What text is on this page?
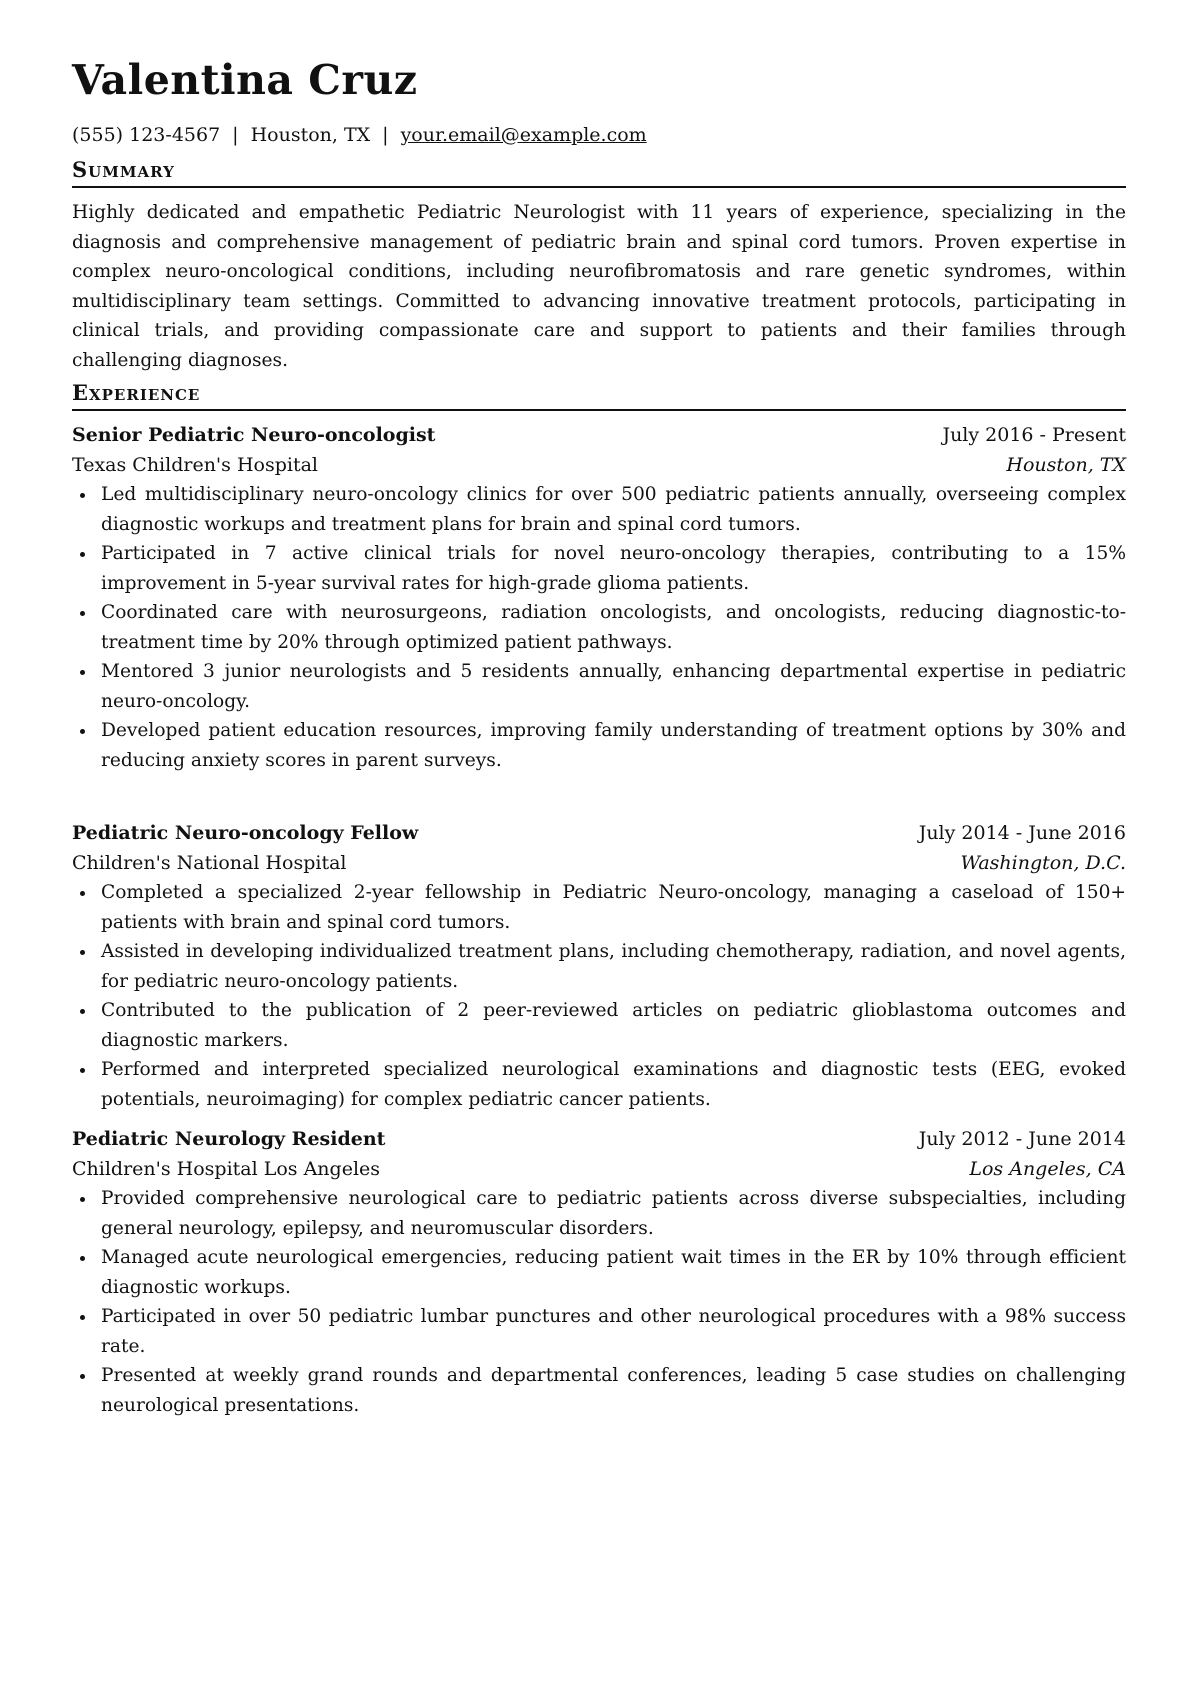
Valentina Cruz
(555) 123-4567 | Houston, TX | your.email@example.com
Summary

Highly dedicated and empathetic Pediatric Neurologist with 11 years of experience, specializing in the diagnosis and comprehensive management of pediatric brain and spinal cord tumors. Proven expertise in complex neuro-oncological conditions, including neurofibromatosis and rare genetic syndromes, within multidisciplinary team settings. Committed to advancing innovative treatment protocols, participating in clinical trials, and providing compassionate care and support to patients and their families through challenging diagnoses.

Experience
Senior Pediatric Neuro-oncologist	July 2016 - Present
Texas Children's Hospital	Houston, TX
Led multidisciplinary neuro-oncology clinics for over 500 pediatric patients annually, overseeing complex diagnostic workups and treatment plans for brain and spinal cord tumors.
Participated in 7 active clinical trials for novel neuro-oncology therapies, contributing to a 15% improvement in 5-year survival rates for high-grade glioma patients.
Coordinated care with neurosurgeons, radiation oncologists, and oncologists, reducing diagnostic-to-treatment time by 20% through optimized patient pathways.
Mentored 3 junior neurologists and 5 residents annually, enhancing departmental expertise in pediatric neuro-oncology.
Developed patient education resources, improving family understanding of treatment options by 30% and reducing anxiety scores in parent surveys.
Pediatric Neuro-oncology Fellow	July 2014 - June 2016
Children's National Hospital	Washington, D.C.
Completed a specialized 2-year fellowship in Pediatric Neuro-oncology, managing a caseload of 150+ patients with brain and spinal cord tumors.
Assisted in developing individualized treatment plans, including chemotherapy, radiation, and novel agents, for pediatric neuro-oncology patients.
Contributed to the publication of 2 peer-reviewed articles on pediatric glioblastoma outcomes and diagnostic markers.
Performed and interpreted specialized neurological examinations and diagnostic tests (EEG, evoked potentials, neuroimaging) for complex pediatric cancer patients.
Pediatric Neurology Resident	July 2012 - June 2014
Children's Hospital Los Angeles	Los Angeles, CA
Provided comprehensive neurological care to pediatric patients across diverse subspecialties, including general neurology, epilepsy, and neuromuscular disorders.
Managed acute neurological emergencies, reducing patient wait times in the ER by 10% through efficient diagnostic workups.
Participated in over 50 pediatric lumbar punctures and other neurological procedures with a 98% success rate.
Presented at weekly grand rounds and departmental conferences, leading 5 case studies on challenging neurological presentations.
